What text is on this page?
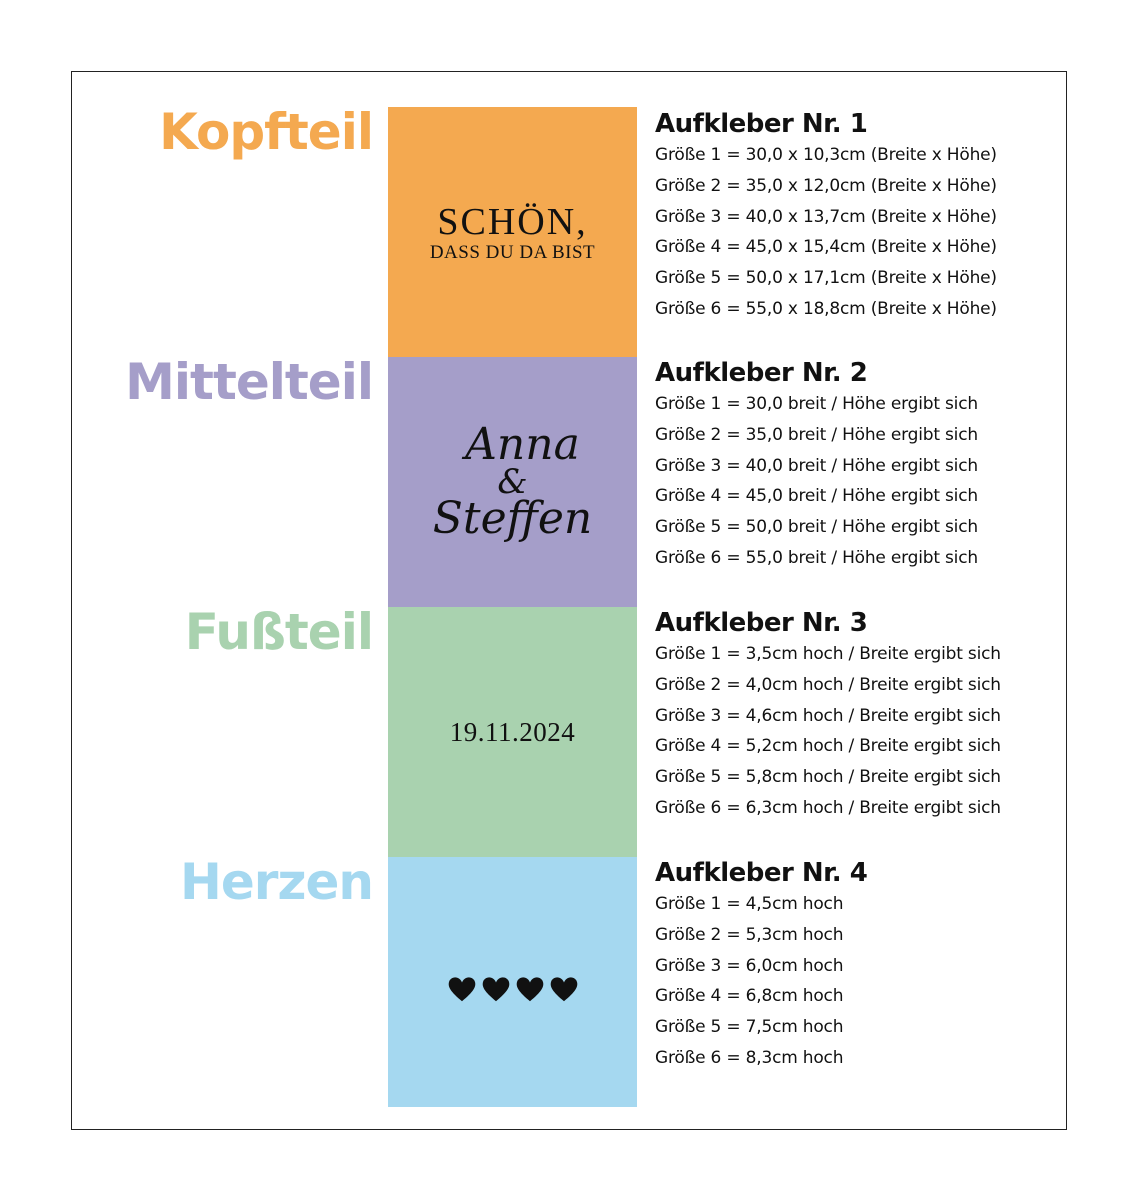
Kopfteil
Mittelteil
Fußteil
Herzen
SCHÖN,
DASS DU DA BIST
Anna
&
Steffen
19.11.2024
Aufkleber Nr. 1
Größe 1 = 30,0 x 10,3cm (Breite x Höhe)
Größe 2 = 35,0 x 12,0cm (Breite x Höhe)
Größe 3 = 40,0 x 13,7cm (Breite x Höhe)
Größe 4 = 45,0 x 15,4cm (Breite x Höhe)
Größe 5 = 50,0 x 17,1cm (Breite x Höhe)
Größe 6 = 55,0 x 18,8cm (Breite x Höhe)
Aufkleber Nr. 2
Größe 1 = 30,0 breit / Höhe ergibt sich
Größe 2 = 35,0 breit / Höhe ergibt sich
Größe 3 = 40,0 breit / Höhe ergibt sich
Größe 4 = 45,0 breit / Höhe ergibt sich
Größe 5 = 50,0 breit / Höhe ergibt sich
Größe 6 = 55,0 breit / Höhe ergibt sich
Aufkleber Nr. 3
Größe 1 = 3,5cm hoch / Breite ergibt sich
Größe 2 = 4,0cm hoch / Breite ergibt sich
Größe 3 = 4,6cm hoch / Breite ergibt sich
Größe 4 = 5,2cm hoch / Breite ergibt sich
Größe 5 = 5,8cm hoch / Breite ergibt sich
Größe 6 = 6,3cm hoch / Breite ergibt sich
Aufkleber Nr. 4
Größe 1 = 4,5cm hoch
Größe 2 = 5,3cm hoch
Größe 3 = 6,0cm hoch
Größe 4 = 6,8cm hoch
Größe 5 = 7,5cm hoch
Größe 6 = 8,3cm hoch
